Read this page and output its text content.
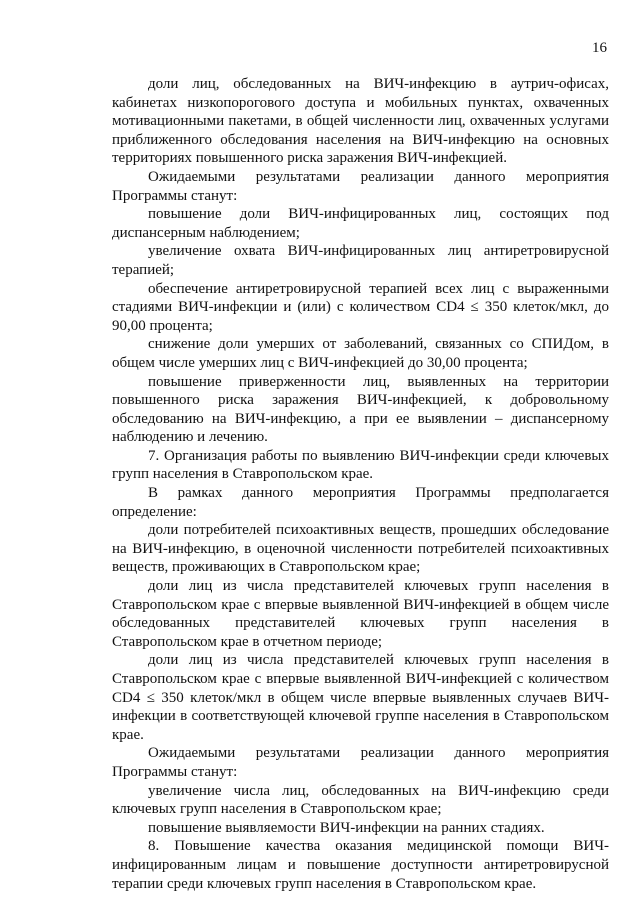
16

доли лиц, обследованных на ВИЧ-инфекцию в аутрич-офисах, кабинетах низкопорогового доступа и мобильных пунктах, охваченных мотивационными пакетами, в общей численности лиц, охваченных услугами приближенного обследования населения на ВИЧ-инфекцию на основных территориях повышенного риска заражения ВИЧ-инфекцией.

Ожидаемыми результатами реализации данного мероприятия Программы станут:

повышение доли ВИЧ-инфицированных лиц, состоящих под диспансерным наблюдением;

увеличение охвата ВИЧ-инфицированных лиц антиретровирусной терапией;

обеспечение антиретровирусной терапией всех лиц с выраженными стадиями ВИЧ-инфекции и (или) с количеством CD4 ≤ 350 клеток/мкл, до 90,00 процента;

снижение доли умерших от заболеваний, связанных со СПИДом, в общем числе умерших лиц с ВИЧ-инфекцией до 30,00 процента;

повышение приверженности лиц, выявленных на территории повышенного риска заражения ВИЧ-инфекцией, к добровольному обследованию на ВИЧ-инфекцию, а при ее выявлении – диспансерному наблюдению и лечению.

7. Организация работы по выявлению ВИЧ-инфекции среди ключевых групп населения в Ставропольском крае.

В рамках данного мероприятия Программы предполагается определение:

доли потребителей психоактивных веществ, прошедших обследование на ВИЧ-инфекцию, в оценочной численности потребителей психоактивных веществ, проживающих в Ставропольском крае;

доли лиц из числа представителей ключевых групп населения в Ставропольском крае с впервые выявленной ВИЧ-инфекцией в общем числе обследованных представителей ключевых групп населения в Ставропольском крае в отчетном периоде;

доли лиц из числа представителей ключевых групп населения в Ставропольском крае с впервые выявленной ВИЧ-инфекцией с количеством CD4 ≤ 350 клеток/мкл в общем числе впервые выявленных случаев ВИЧ-инфекции в соответствующей ключевой группе населения в Ставропольском крае.

Ожидаемыми результатами реализации данного мероприятия Программы станут:

увеличение числа лиц, обследованных на ВИЧ-инфекцию среди ключевых групп населения в Ставропольском крае;

повышение выявляемости ВИЧ-инфекции на ранних стадиях.

8. Повышение качества оказания медицинской помощи ВИЧ-инфицированным лицам и повышение доступности антиретровирусной терапии среди ключевых групп населения в Ставропольском крае.
